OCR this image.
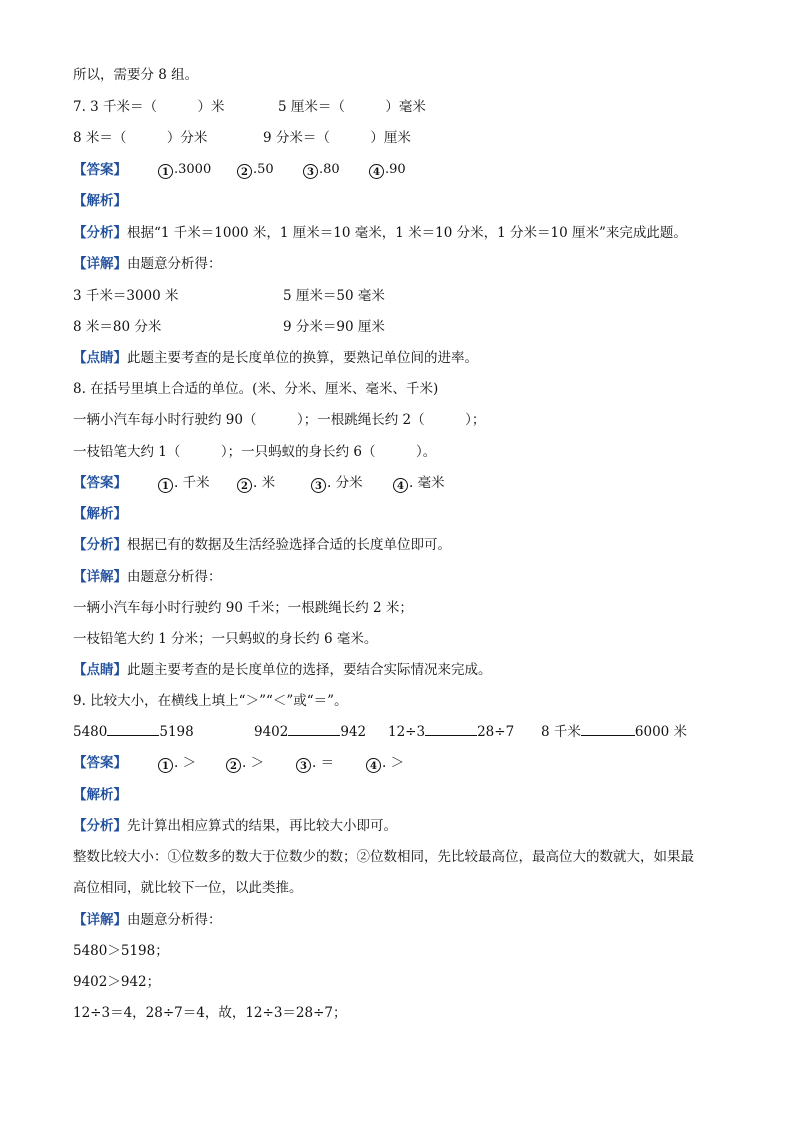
所以，需要分 8 组。
7. 3 千米＝（　　　）米	5 厘米＝（　　　）毫米
8 米＝（　　　）分米	9 分米＝（　　　）厘米
【答案】	1 .3000	2 .50	3 .80	4 .90
【解析】
【分析】根据“1 千米＝1000 米，1 厘米＝10 毫米，1 米＝10 分米，1 分米＝10 厘米”来完成此题。
【详解】由题意分析得：
3 千米＝3000 米	5 厘米＝50 毫米
8 米＝80 分米	9 分米＝90 厘米
【点睛】此题主要考查的是长度单位的换算，要熟记单位间的进率。
8. 在括号里填上合适的单位。(米、分米、厘米、毫米、千米)
一辆小汽车每小时行驶约 90（　　　）；一根跳绳长约 2（　　　）；
一枝铅笔大约 1（　　　）；一只蚂蚁的身长约 6（　　　）。
【答案】	1 . 千米	2 . 米	3 . 分米	4 . 毫米
【解析】
【分析】根据已有的数据及生活经验选择合适的长度单位即可。
【详解】由题意分析得：
一辆小汽车每小时行驶约 90 千米；一根跳绳长约 2 米；
一枝铅笔大约 1 分米；一只蚂蚁的身长约 6 毫米。
【点睛】此题主要考查的是长度单位的选择，要结合实际情况来完成。
9. 比较大小，在横线上填上“＞”“＜”或“＝”。
5480	5198	9402	942 12÷3	28÷7 8 千米	6000 米
【答案】	1 . ＞	2 . ＞	3 . ＝	4 . ＞
【解析】
【分析】先计算出相应算式的结果，再比较大小即可。
整数比较大小：①位数多的数大于位数少的数；②位数相同，先比较最高位，最高位大的数就大，如果最
高位相同，就比较下一位，以此类推。
【详解】由题意分析得：
5480＞5198；
9402＞942；
12÷3＝4，28÷7＝4，故，12÷3＝28÷7；
